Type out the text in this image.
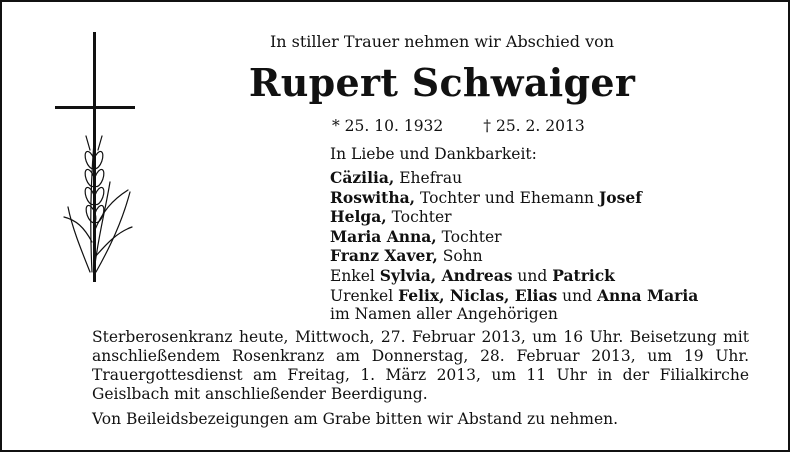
In stiller Trauer nehmen wir Abschied von
Rupert Schwaiger
* 25. 10. 1932	† 25. 2. 2013
In Liebe und Dankbarkeit:
Cäzilia, Ehefrau
Roswitha, Tochter und Ehemann Josef
Helga, Tochter
Maria Anna, Tochter
Franz Xaver, Sohn
Enkel Sylvia, Andreas und Patrick
Urenkel Felix, Niclas, Elias und Anna Maria
im Namen aller Angehörigen
Sterberosenkranz heute, Mittwoch, 27. Februar 2013, um 16 Uhr. Beisetzung mit anschließendem Rosenkranz am Donnerstag, 28. Februar 2013, um 19 Uhr. Trauergottesdienst am Freitag, 1. März 2013, um 11 Uhr in der Filialkirche Geislbach mit anschließender Beerdigung.
Von Beileidsbezeigungen am Grabe bitten wir Abstand zu nehmen.
